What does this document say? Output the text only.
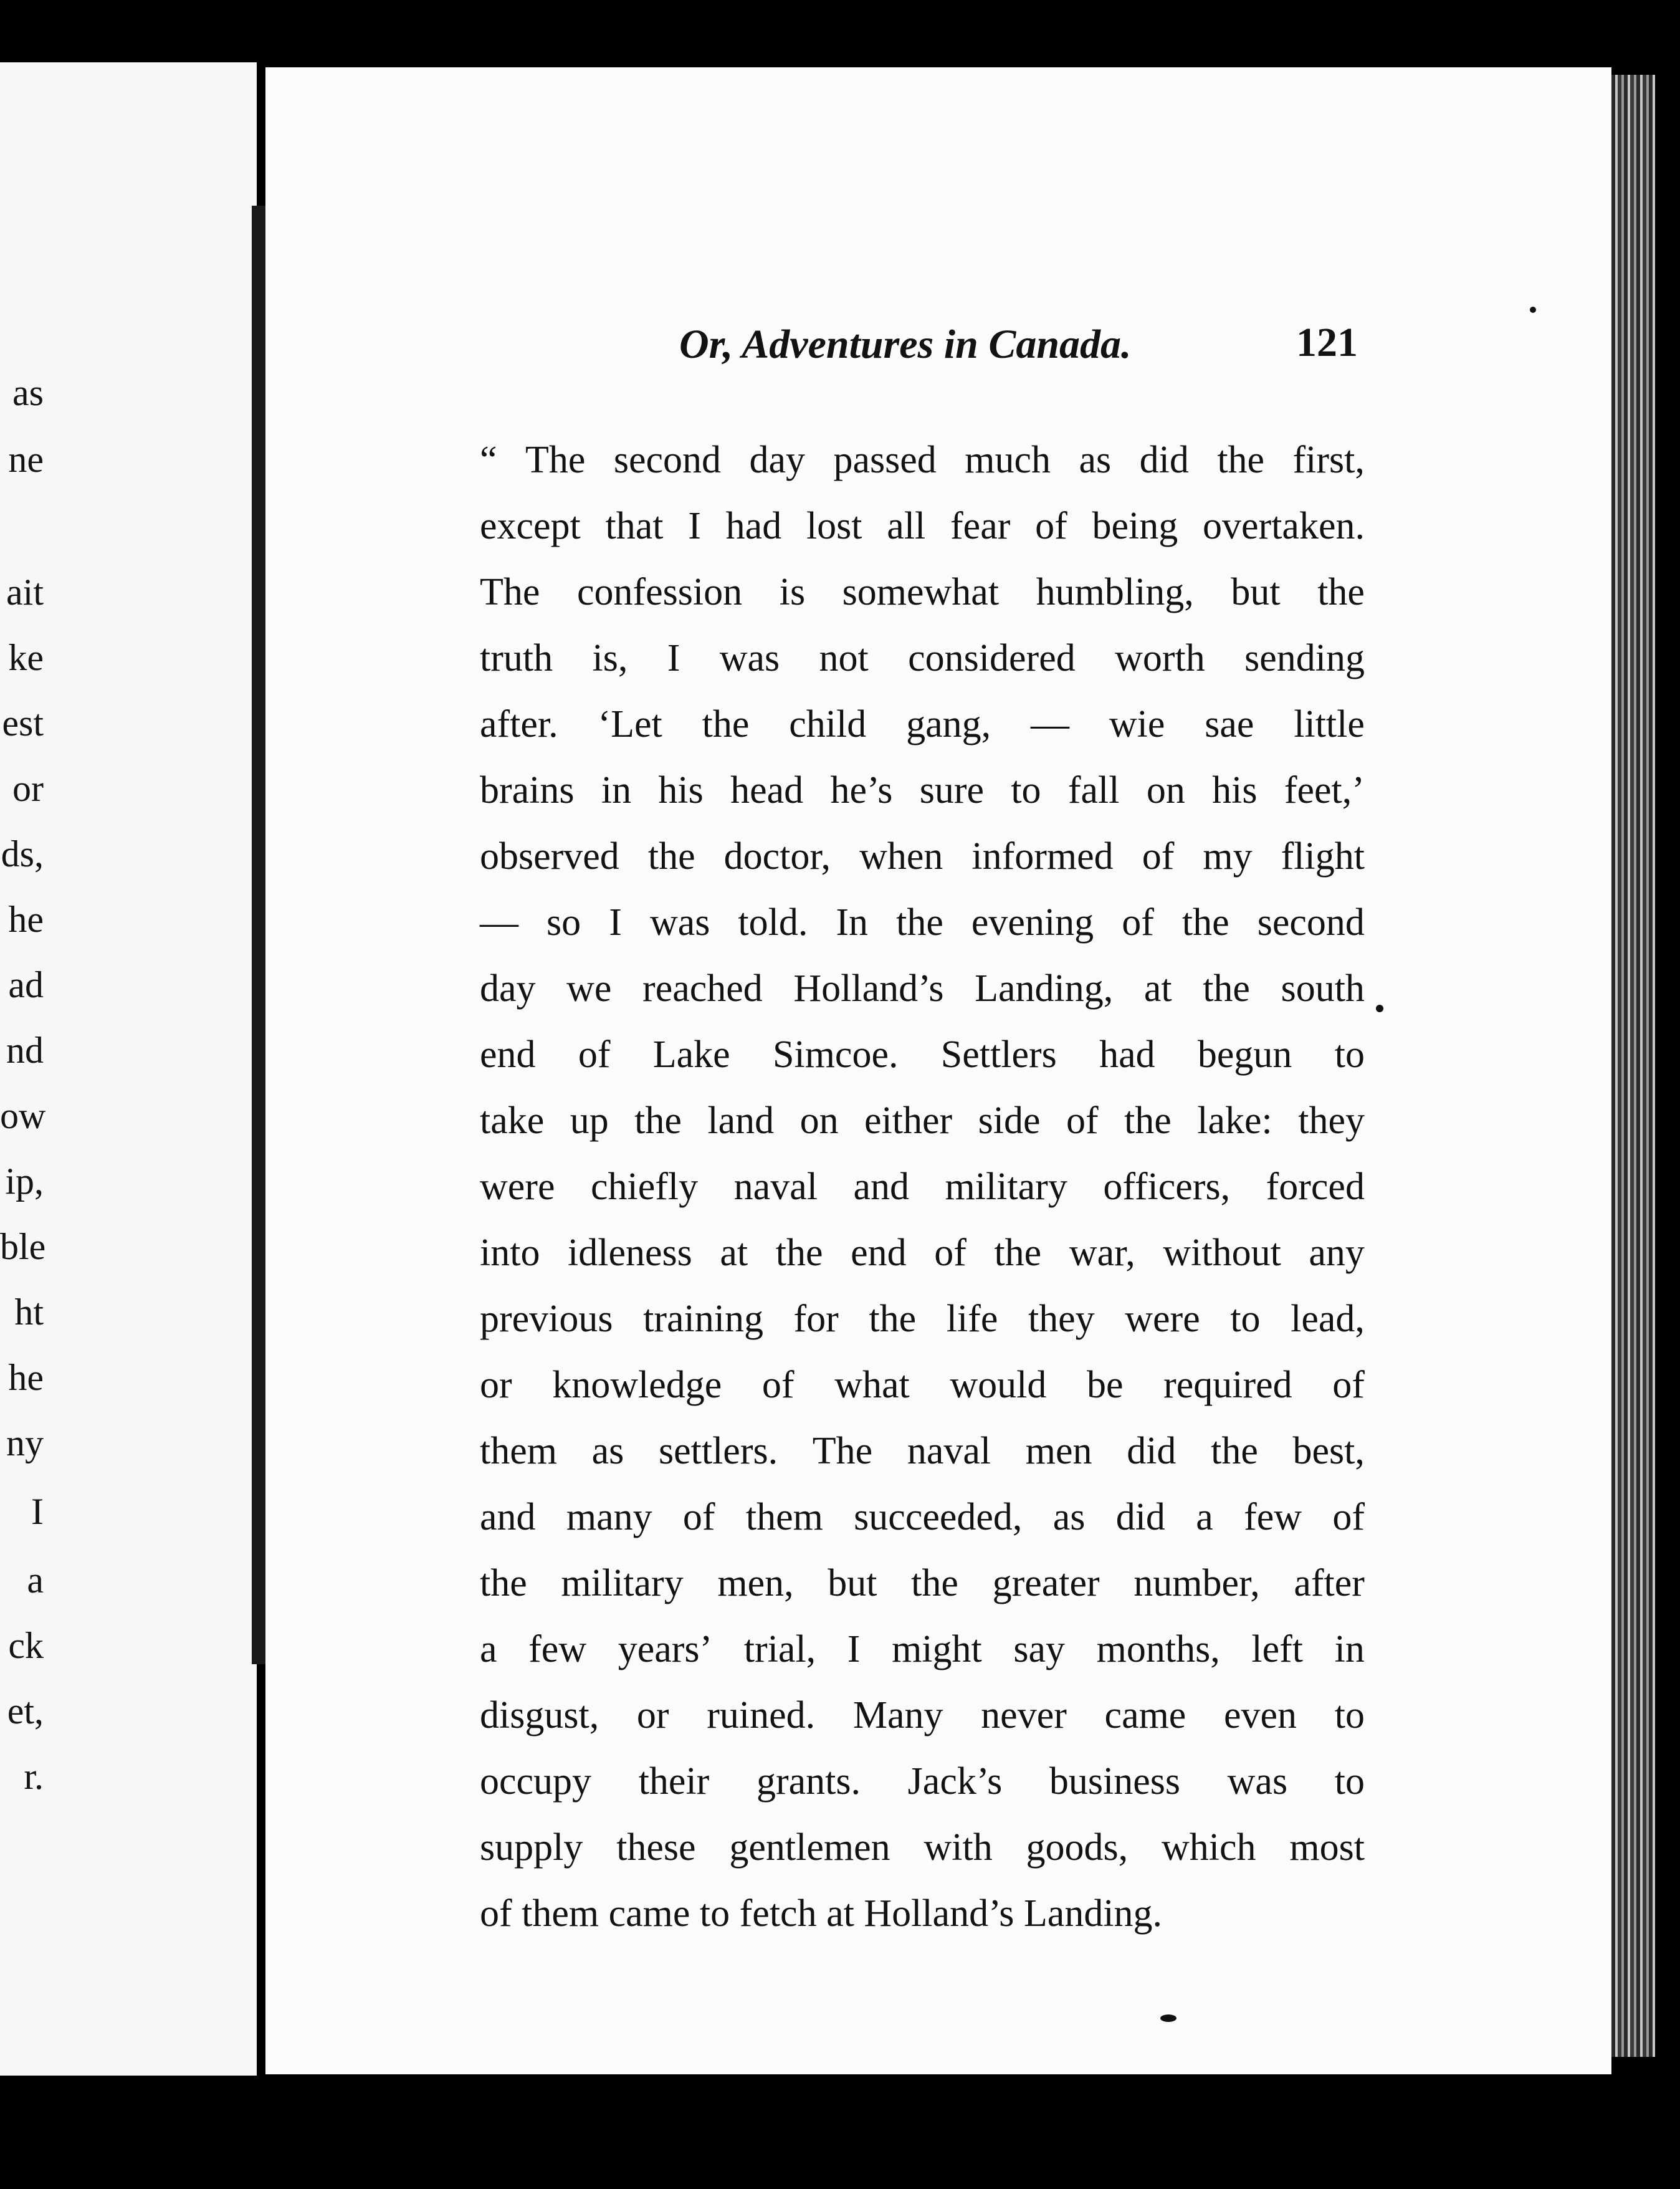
as
ne
ait
ke
est
or
ds,
he
ad
nd
ow
ip,
ble
ht
he
ny
I
a
ck
et,
r.
Or, Adventures in Canada.	121
“ The second day passed much as did the first,
except that I had lost all fear of being overtaken.
The confession is somewhat humbling, but the
truth is, I was not considered worth sending
after. ‘Let the child gang, — wie sae little
brains in his head he’s sure to fall on his feet,’
observed the doctor, when informed of my flight
— so I was told. In the evening of the second
day we reached Holland’s Landing, at the south
end of Lake Simcoe. Settlers had begun to
take up the land on either side of the lake: they
were chiefly naval and military officers, forced
into idleness at the end of the war, without any
previous training for the life they were to lead,
or knowledge of what would be required of
them as settlers. The naval men did the best,
and many of them succeeded, as did a few of
the military men, but the greater number, after
a few years’ trial, I might say months, left in
disgust, or ruined. Many never came even to
occupy their grants. Jack’s business was to
supply these gentlemen with goods, which most
of them came to fetch at Holland’s Landing.
